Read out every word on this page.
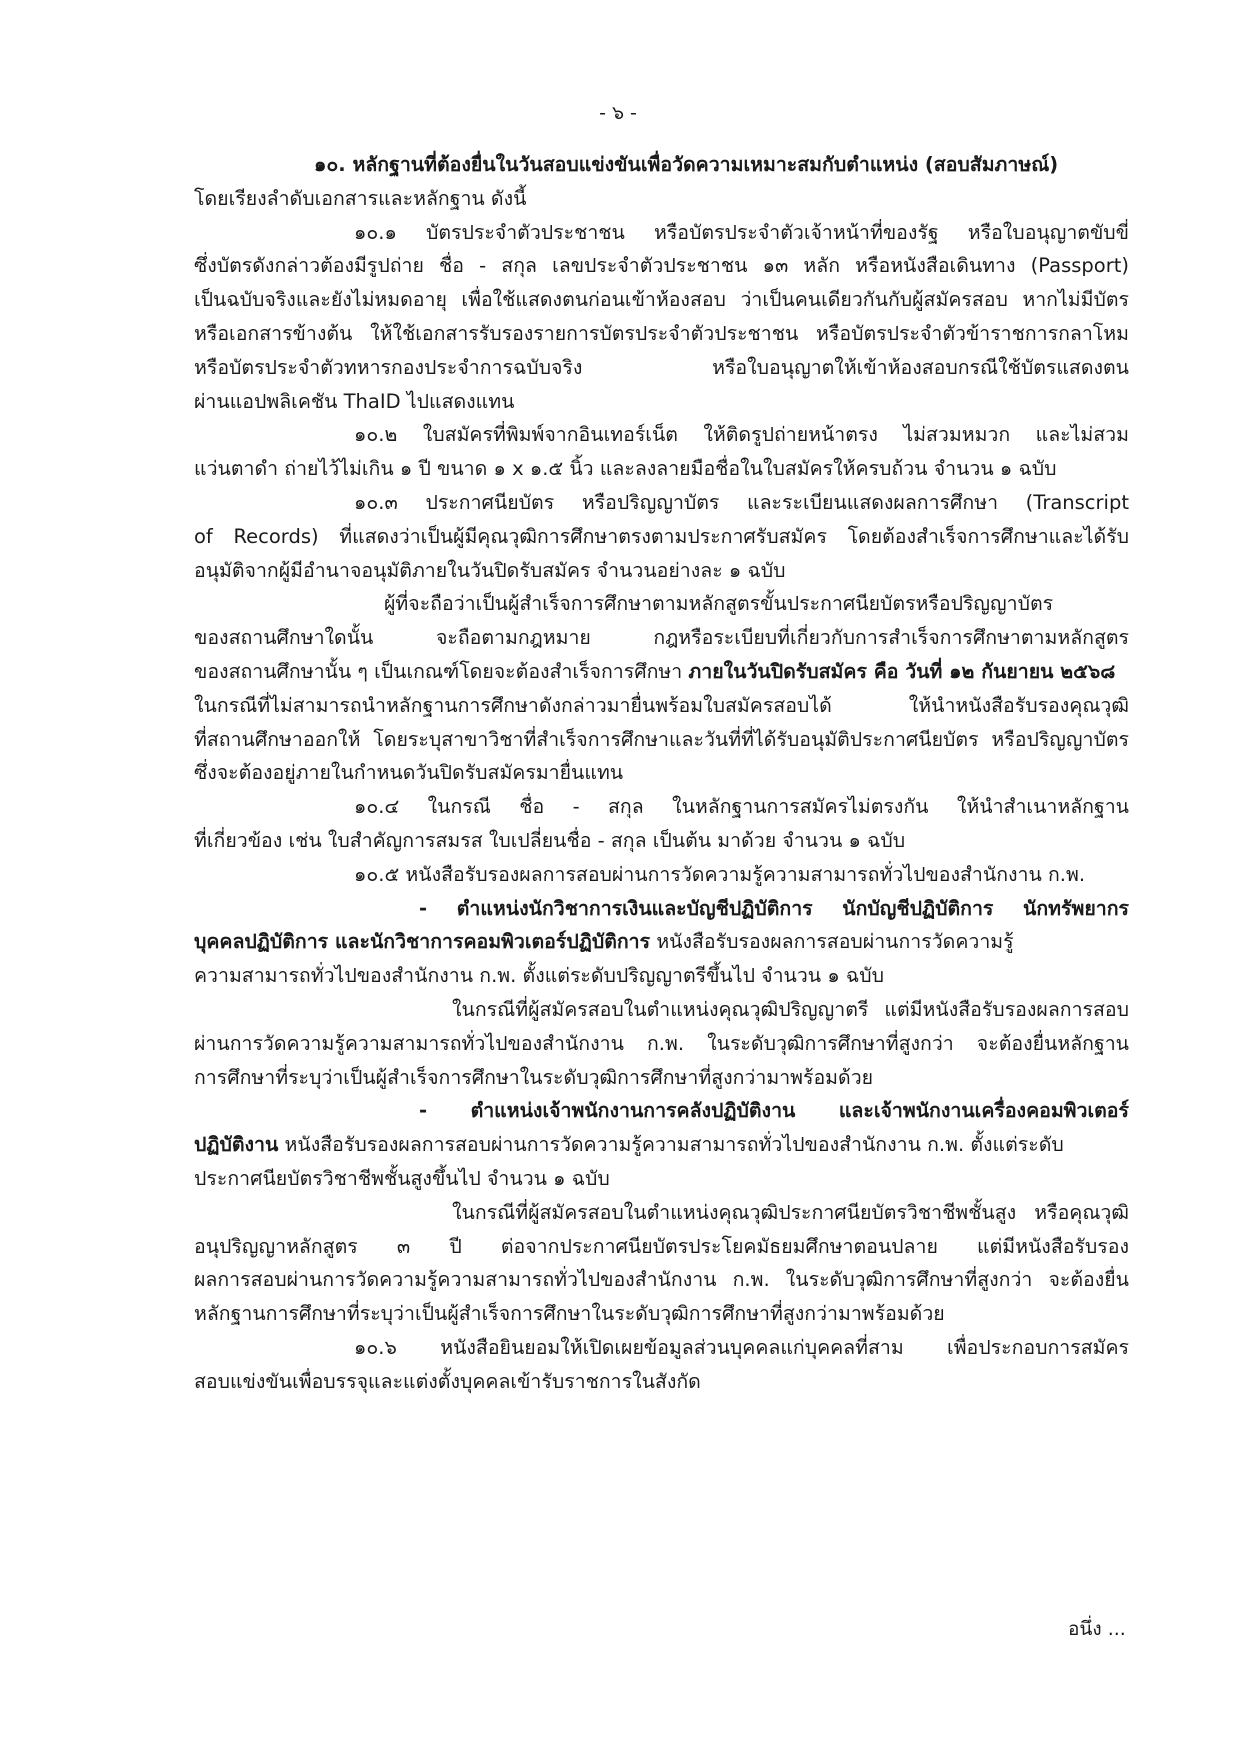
- ๖ -
๑๐. หลักฐานที่ต้องยื่นในวันสอบแข่งขันเพื่อวัดความเหมาะสมกับตำแหน่ง (สอบสัมภาษณ์)
โดยเรียงลำดับเอกสารและหลักฐาน ดังนี้
๑๐.๑ บัตรประจำตัวประชาชน หรือบัตรประจำตัวเจ้าหน้าที่ของรัฐ หรือใบอนุญาตขับขี่
ซึ่งบัตรดังกล่าวต้องมีรูปถ่าย ชื่อ - สกุล เลขประจำตัวประชาชน ๑๓ หลัก หรือหนังสือเดินทาง (Passport)
เป็นฉบับจริงและยังไม่หมดอายุ เพื่อใช้แสดงตนก่อนเข้าห้องสอบ ว่าเป็นคนเดียวกันกับผู้สมัครสอบ หากไม่มีบัตร
หรือเอกสารข้างต้น ให้ใช้เอกสารรับรองรายการบัตรประจำตัวประชาชน หรือบัตรประจำตัวข้าราชการกลาโหม
หรือบัตรประจำตัวทหารกองประจำการฉบับจริง หรือใบอนุญาตให้เข้าห้องสอบกรณีใช้บัตรแสดงตน
ผ่านแอปพลิเคชัน ThaID ไปแสดงแทน
๑๐.๒ ใบสมัครที่พิมพ์จากอินเทอร์เน็ต ให้ติดรูปถ่ายหน้าตรง ไม่สวมหมวก และไม่สวม
แว่นตาดำ ถ่ายไว้ไม่เกิน ๑ ปี ขนาด ๑ x ๑.๕ นิ้ว และลงลายมือชื่อในใบสมัครให้ครบถ้วน จำนวน ๑ ฉบับ
๑๐.๓ ประกาศนียบัตร หรือปริญญาบัตร และระเบียนแสดงผลการศึกษา (Transcript
of Records) ที่แสดงว่าเป็นผู้มีคุณวุฒิการศึกษาตรงตามประกาศรับสมัคร โดยต้องสำเร็จการศึกษาและได้รับ
อนุมัติจากผู้มีอำนาจอนุมัติภายในวันปิดรับสมัคร จำนวนอย่างละ ๑ ฉบับ
ผู้ที่จะถือว่าเป็นผู้สำเร็จการศึกษาตามหลักสูตรขั้นประกาศนียบัตรหรือปริญญาบัตร
ของสถานศึกษาใดนั้น จะถือตามกฎหมาย กฎหรือระเบียบที่เกี่ยวกับการสำเร็จการศึกษาตามหลักสูตร
ของสถานศึกษานั้น ๆ เป็นเกณฑ์โดยจะต้องสำเร็จการศึกษา ภายในวันปิดรับสมัคร คือ วันที่ ๑๒ กันยายน ๒๕๖๘
ในกรณีที่ไม่สามารถนำหลักฐานการศึกษาดังกล่าวมายื่นพร้อมใบสมัครสอบได้ ให้นำหนังสือรับรองคุณวุฒิ
ที่สถานศึกษาออกให้ โดยระบุสาขาวิชาที่สำเร็จการศึกษาและวันที่ที่ได้รับอนุมัติประกาศนียบัตร หรือปริญญาบัตร
ซึ่งจะต้องอยู่ภายในกำหนดวันปิดรับสมัครมายื่นแทน
๑๐.๔ ในกรณี ชื่อ - สกุล ในหลักฐานการสมัครไม่ตรงกัน ให้นำสำเนาหลักฐาน
ที่เกี่ยวข้อง เช่น ใบสำคัญการสมรส ใบเปลี่ยนชื่อ - สกุล เป็นต้น มาด้วย จำนวน ๑ ฉบับ
๑๐.๕ หนังสือรับรองผลการสอบผ่านการวัดความรู้ความสามารถทั่วไปของสำนักงาน ก.พ.
- ตำแหน่งนักวิชาการเงินและบัญชีปฏิบัติการ นักบัญชีปฏิบัติการ นักทรัพยากร
บุคคลปฏิบัติการ และนักวิชาการคอมพิวเตอร์ปฏิบัติการ หนังสือรับรองผลการสอบผ่านการวัดความรู้
ความสามารถทั่วไปของสำนักงาน ก.พ. ตั้งแต่ระดับปริญญาตรีขึ้นไป จำนวน ๑ ฉบับ
ในกรณีที่ผู้สมัครสอบในตำแหน่งคุณวุฒิปริญญาตรี แต่มีหนังสือรับรองผลการสอบ
ผ่านการวัดความรู้ความสามารถทั่วไปของสำนักงาน ก.พ. ในระดับวุฒิการศึกษาที่สูงกว่า จะต้องยื่นหลักฐาน
การศึกษาที่ระบุว่าเป็นผู้สำเร็จการศึกษาในระดับวุฒิการศึกษาที่สูงกว่ามาพร้อมด้วย
- ตำแหน่งเจ้าพนักงานการคลังปฏิบัติงาน และเจ้าพนักงานเครื่องคอมพิวเตอร์
ปฏิบัติงาน หนังสือรับรองผลการสอบผ่านการวัดความรู้ความสามารถทั่วไปของสำนักงาน ก.พ. ตั้งแต่ระดับ
ประกาศนียบัตรวิชาชีพชั้นสูงขึ้นไป จำนวน ๑ ฉบับ
ในกรณีที่ผู้สมัครสอบในตำแหน่งคุณวุฒิประกาศนียบัตรวิชาชีพชั้นสูง หรือคุณวุฒิ
อนุปริญญาหลักสูตร ๓ ปี ต่อจากประกาศนียบัตรประโยคมัธยมศึกษาตอนปลาย แต่มีหนังสือรับรอง
ผลการสอบผ่านการวัดความรู้ความสามารถทั่วไปของสำนักงาน ก.พ. ในระดับวุฒิการศึกษาที่สูงกว่า จะต้องยื่น
หลักฐานการศึกษาที่ระบุว่าเป็นผู้สำเร็จการศึกษาในระดับวุฒิการศึกษาที่สูงกว่ามาพร้อมด้วย
๑๐.๖ หนังสือยินยอมให้เปิดเผยข้อมูลส่วนบุคคลแก่บุคคลที่สาม เพื่อประกอบการสมัคร
สอบแข่งขันเพื่อบรรจุและแต่งตั้งบุคคลเข้ารับราชการในสังกัด
อนึ่ง ...
